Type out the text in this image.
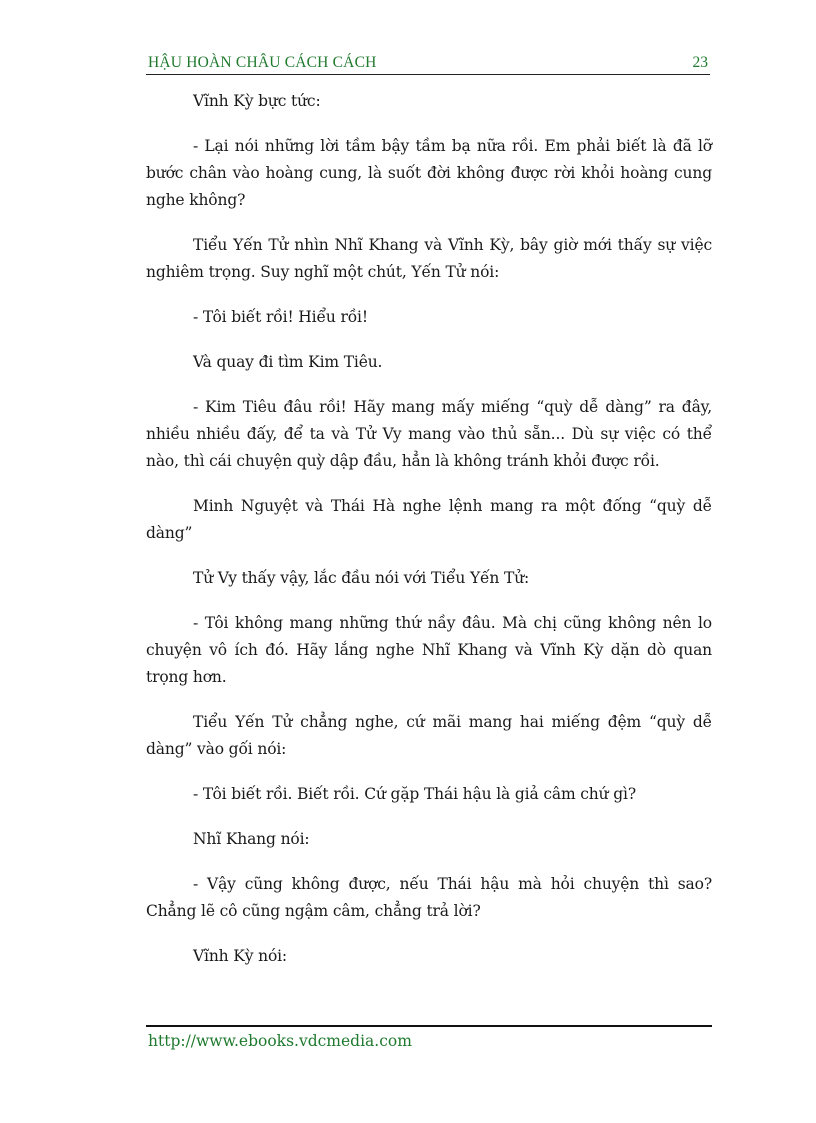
HẬU HOÀN CHÂU CÁCH CÁCH	23

Vĩnh Kỳ bực tức:

- Lại nói những lời tầm bậy tầm bạ nữa rồi. Em phải biết là đã lỡ bước chân vào hoàng cung, là suốt đời không được rời khỏi hoàng cung nghe không?

Tiểu Yến Tử nhìn Nhĩ Khang và Vĩnh Kỳ, bây giờ mới thấy sự việc nghiêm trọng. Suy nghĩ một chút, Yến Tử nói:

- Tôi biết rồi! Hiểu rồi!

Và quay đi tìm Kim Tiêu.

- Kim Tiêu đâu rồi! Hãy mang mấy miếng “quỳ dễ dàng” ra đây, nhiều nhiều đấy, để ta và Tử Vy mang vào thủ sẵn... Dù sự việc có thể nào, thì cái chuyện quỳ dập đầu, hẳn là không tránh khỏi được rồi.

Minh Nguyệt và Thái Hà nghe lệnh mang ra một đống “quỳ dễ dàng”

Tử Vy thấy vậy, lắc đầu nói với Tiểu Yến Tử:

- Tôi không mang những thứ nầy đâu. Mà chị cũng không nên lo chuyện vô ích đó. Hãy lắng nghe Nhĩ Khang và Vĩnh Kỳ dặn dò quan trọng hơn.

Tiểu Yến Tử chẳng nghe, cứ mãi mang hai miếng đệm “quỳ dễ dàng” vào gối nói:

- Tôi biết rồi. Biết rồi. Cứ gặp Thái hậu là giả câm chứ gì?

Nhĩ Khang nói:

- Vậy cũng không được, nếu Thái hậu mà hỏi chuyện thì sao? Chẳng lẽ cô cũng ngậm câm, chẳng trả lời?

Vĩnh Kỳ nói:

http://www.ebooks.vdcmedia.com
